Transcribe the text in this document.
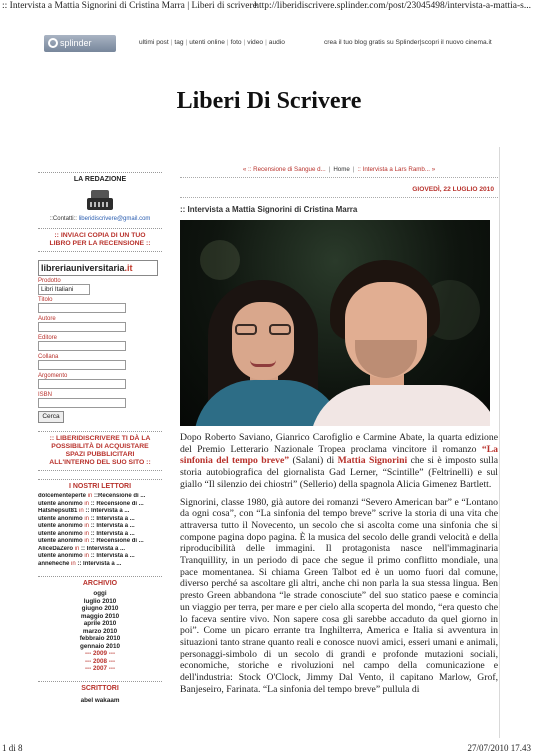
:: Intervista a Mattia Signorini di Cristina Marra | Liberi di scrivere
http://liberidiscrivere.splinder.com/post/23045498/intervista-a-mattia-s...
splinder	ultimi post | tag | utenti online | foto | video | audio	crea il tuo blog gratis su Splinder|scopri il nuovo cinema.it
Liberi Di Scrivere
LA REDAZIONE
::Contatti:: liberidiscrivere@gmail.com
:: INVIACI COPIA DI UN TUO LIBRO PER LA RECENSIONE ::
libreriauniversitaria.it
Prodotto
Libri Italiani
Titolo
Autore
Editore
Collana
Argomento
ISBN
Cerca
:: LIBERIDISCRIVERE TI DÀ LA POSSIBILITÀ DI ACQUISTARE SPAZI PUBBLICITARI ALL'INTERNO DEL SUO SITO ::
I NOSTRI LETTORI
dolcementeperte in ::Recensione di ...
utente anonimo in :: Recensione di ...
Hatshepsut81 in :: Intervista a ...
utente anonimo in :: Intervista a ...
utente anonimo in :: Intervista a ...
utente anonimo in :: Intervista a ...
utente anonimo in :: Recensione di ...
AliceDaZero in :: Intervista a ...
utente anonimo in :: Intervista a ...
anneheche in :: Intervista a ...
ARCHIVIO
oggi
luglio 2010
giugno 2010
maggio 2010
aprile 2010
marzo 2010
febbraio 2010
gennaio 2010
--- 2009 ---
--- 2008 ---
--- 2007 ---
SCRITTORI
abel wakaam
« :: Recensione di Sangue d... | Home | :: Intervista a Lars Ramb... »
GIOVEDÌ, 22 LUGLIO 2010
:: Intervista a Mattia Signorini di Cristina Marra

Dopo Roberto Saviano, Gianrico Carofiglio e Carmine Abate, la quarta edizione del Premio Letterario Nazionale Tropea proclama vincitore il romanzo “La sinfonia del tempo breve” (Salani) di Mattia Signorini che si è imposto sulla storia autobiografica del giornalista Gad Lerner, “Scintille” (Feltrinelli) e sul giallo “Il silenzio dei chiostri” (Sellerio) della spagnola Alicia Gimenez Bartlett.

Signorini, classe 1980, già autore dei romanzi “Severo American bar” e “Lontano da ogni cosa”, con “La sinfonia del tempo breve” scrive la storia di una vita che attraversa tutto il Novecento, un secolo che si ascolta come una sinfonia che si compone pagina dopo pagina. È la musica del secolo delle grandi velocità e della riproducibilità delle immagini. Il protagonista nasce nell'immaginaria Tranquillity, in un periodo di pace che segue il primo conflitto mondiale, una pace momentanea. Si chiama Green Talbot ed è un uomo fuori dal comune, diverso perché sa ascoltare gli altri, anche chi non parla la sua stessa lingua. Ben presto Green abbandona “le strade conosciute” del suo statico paese e comincia un viaggio per terra, per mare e per cielo alla scoperta del mondo, “era questo che lo faceva sentire vivo. Non sapere cosa gli sarebbe accaduto da quel giorno in poi”. Come un picaro errante tra Inghilterra, America e Italia si avventura in situazioni tanto strane quanto reali e conosce nuovi amici, esseri umani e animali, personaggi-simbolo di un secolo di grandi e profonde mutazioni sociali, economiche, storiche e rivoluzioni nel campo della comunicazione e dell'industria: Stock O'Clock, Jimmy Dal Vento, il capitano Marlow, Grof, Banjeseiro, Farinata. “La sinfonia del tempo breve” pullula di

1 di 8	27/07/2010 17.43
